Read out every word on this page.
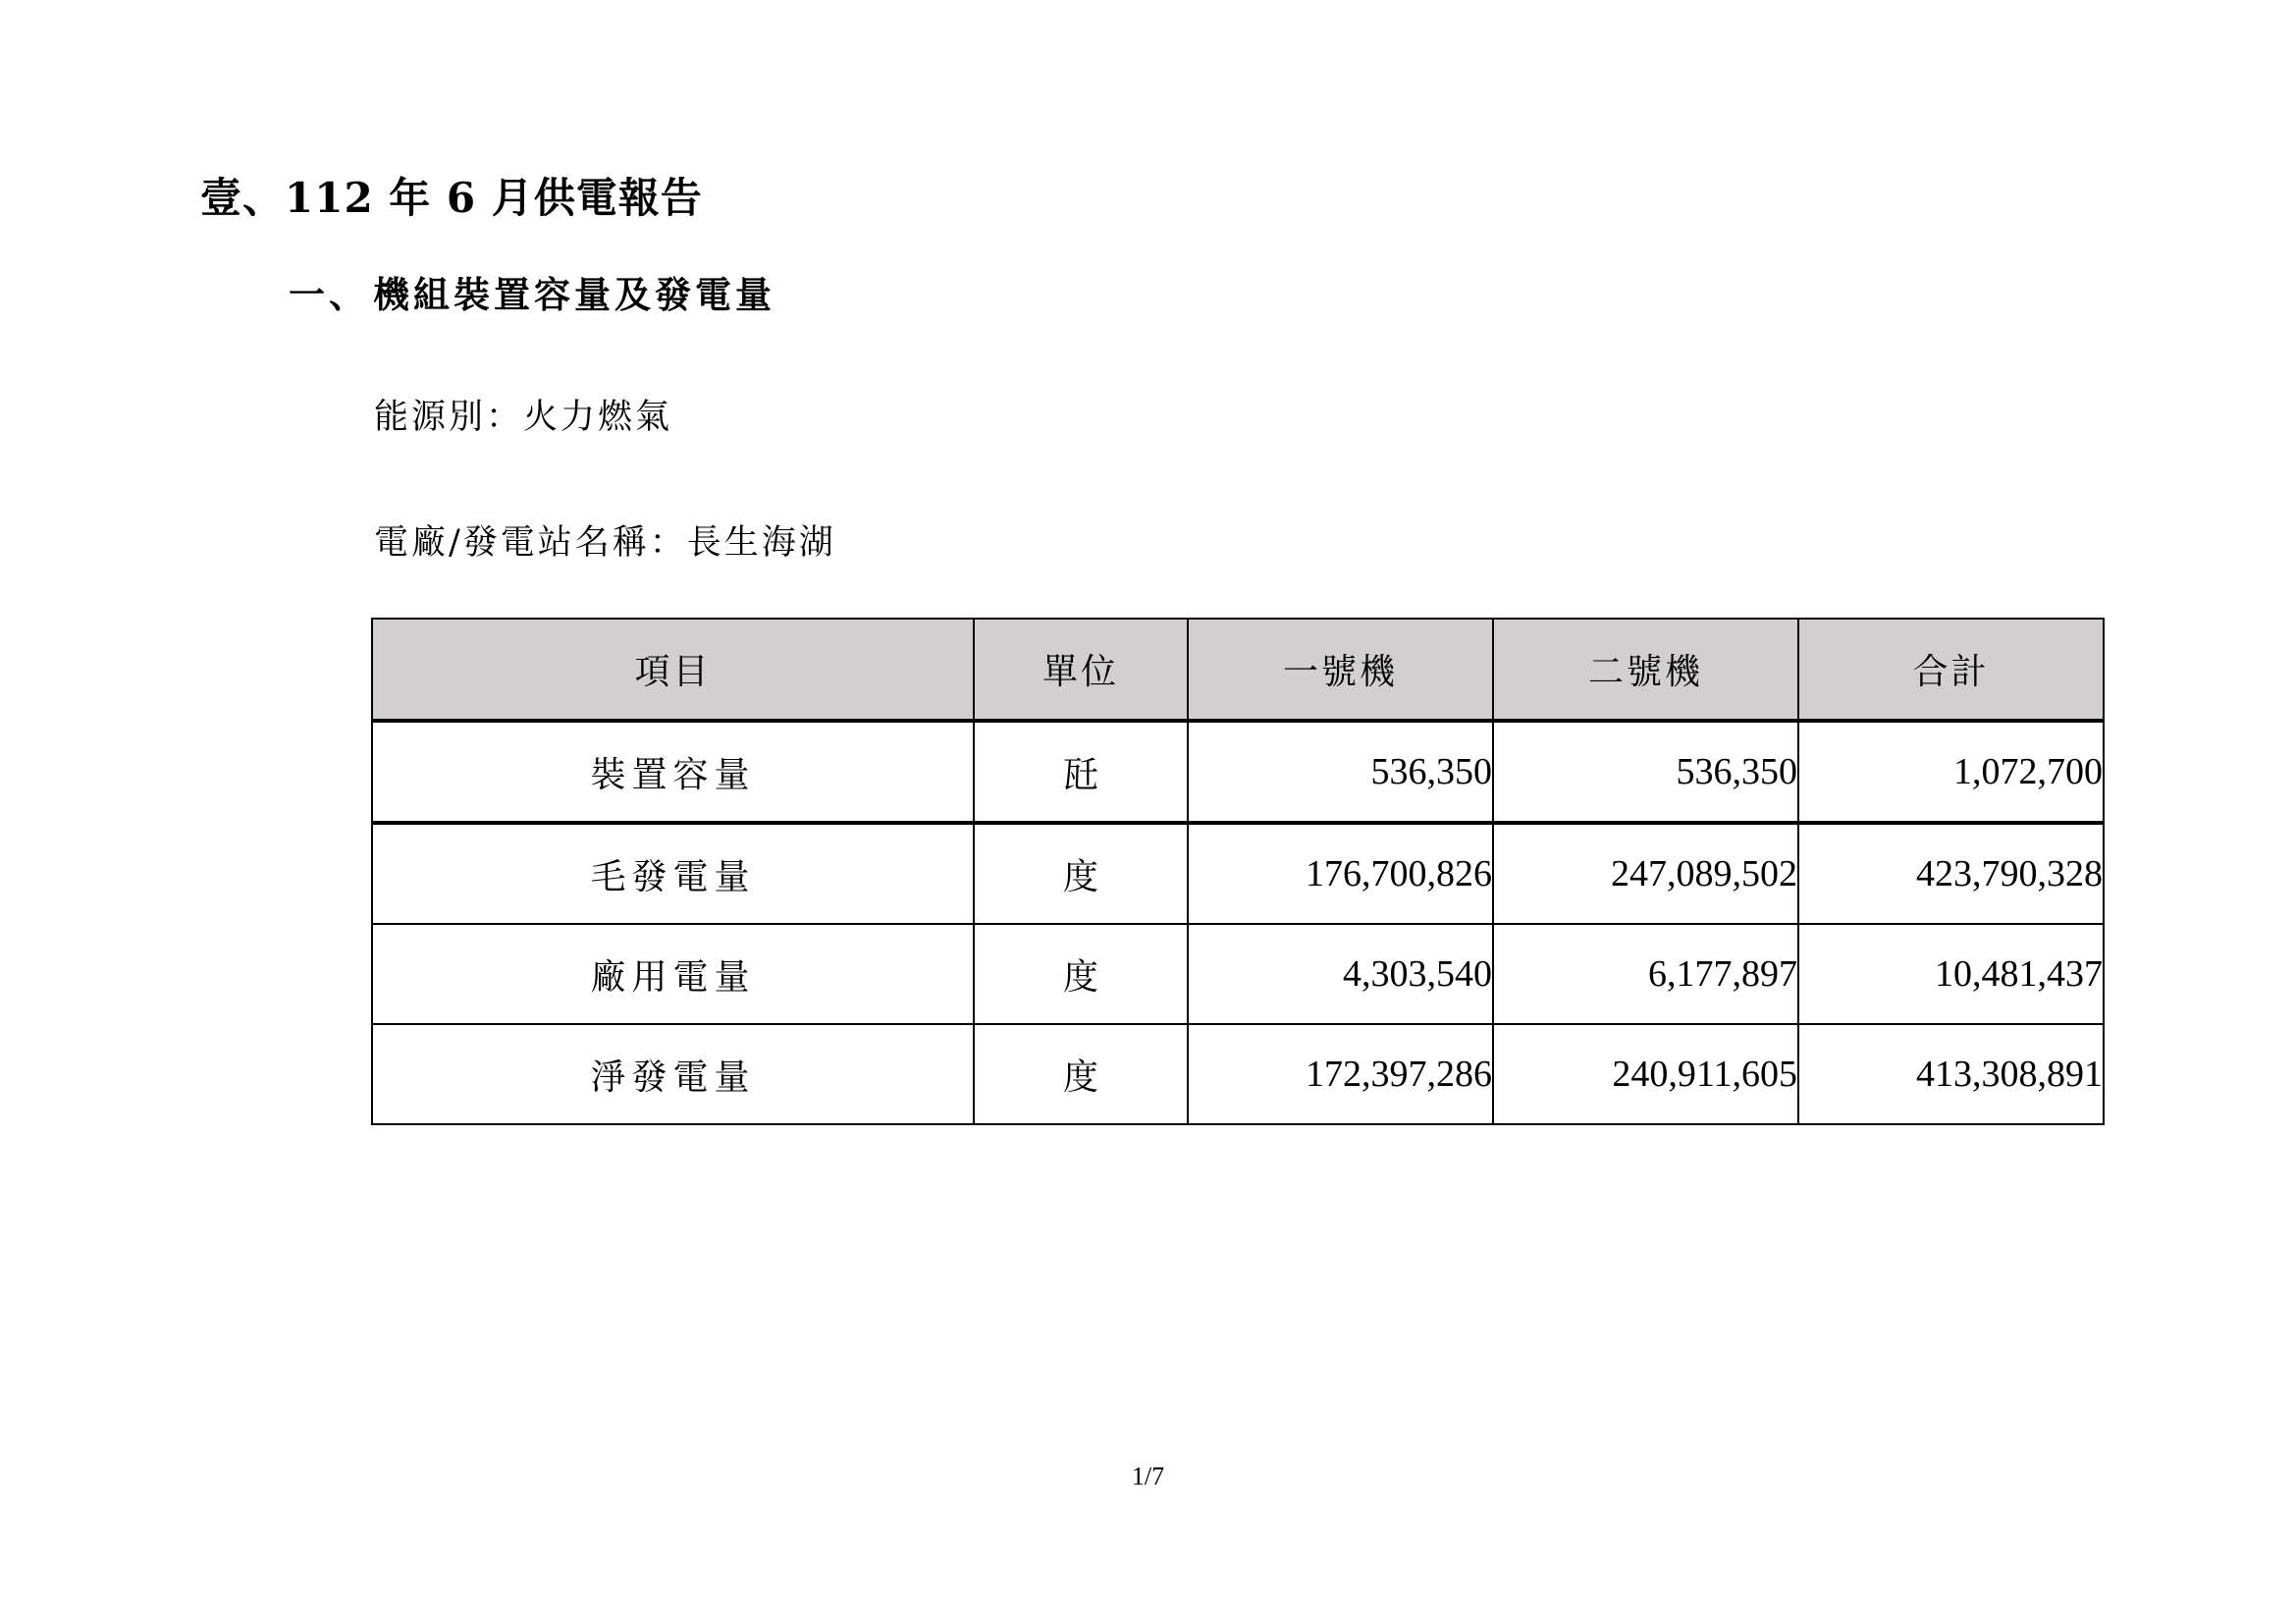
壹、112 年 6 月供電報告
一、 機組裝置容量及發電量
能源別：火力燃氣
電廠/發電站名稱：長生海湖
項目	單位	一號機	二號機	合計
裝置容量	瓩	536,350	536,350	1,072,700
毛發電量	度	176,700,826	247,089,502	423,790,328
廠用電量	度	4,303,540	6,177,897	10,481,437
淨發電量	度	172,397,286	240,911,605	413,308,891
1/7
